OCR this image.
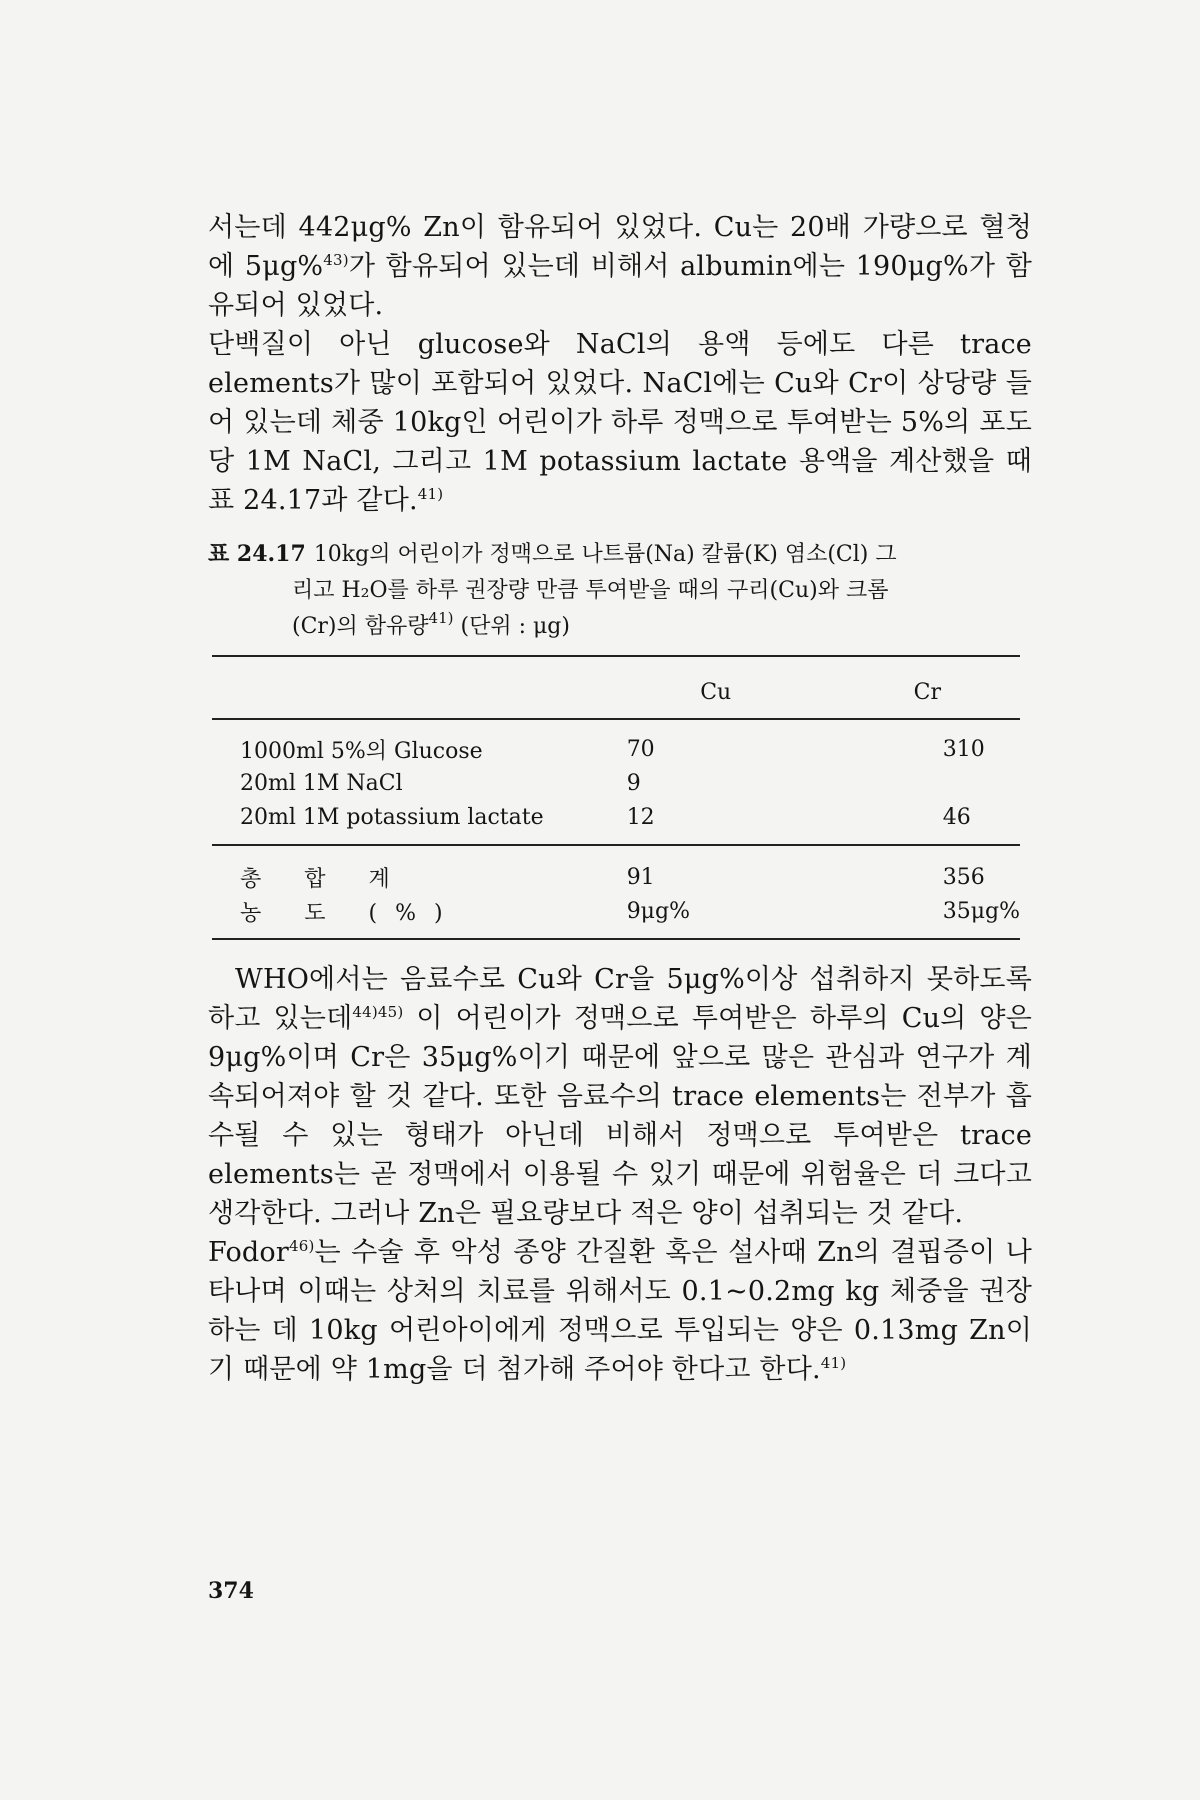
서는데 442μg% Zn이 함유되어 있었다. Cu는 20배 가량으로 혈청에 5μg%$^{43)}$가 함유되어 있는데 비해서 albumin에는 190μg%가 함유되어 있었다.

단백질이 아닌 glucose와 NaCl의 용액 등에도 다른 trace elements가 많이 포함되어 있었다. NaCl에는 Cu와 Cr이 상당량 들어 있는데 체중 10kg인 어린이가 하루 정맥으로 투여받는 5%의 포도당 1M NaCl, 그리고 1M potassium lactate 용액을 계산했을 때 표 24.17과 같다.$^{41)}$

표 24.17 10kg의 어린이가 정맥으로 나트륨(Na) 칼륨(K) 염소(Cl) 그
리고 H₂O를 하루 권장량 만큼 투여받을 때의 구리(Cu)와 크롬
(Cr)의 함유량$^{41)}$ (단위 : μg)
	Cu	Cr
1000ml 5%의 Glucose	70	310
20ml 1M NaCl	9	
20ml 1M potassium lactate	12	46
총 합 계	91	356
농 도 (%)	9μg%	35μg%

WHO에서는 음료수로 Cu와 Cr을 5μg%이상 섭취하지 못하도록 하고 있는데$^{44)45)}$ 이 어린이가 정맥으로 투여받은 하루의 Cu의 양은 9μg%이며 Cr은 35μg%이기 때문에 앞으로 많은 관심과 연구가 계속되어져야 할 것 같다. 또한 음료수의 trace elements는 전부가 흡수될 수 있는 형태가 아닌데 비해서 정맥으로 투여받은 trace elements는 곧 정맥에서 이용될 수 있기 때문에 위험율은 더 크다고 생각한다. 그러나 Zn은 필요량보다 적은 양이 섭취되는 것 같다.

Fodor$^{46)}$는 수술 후 악성 종양 간질환 혹은 설사때 Zn의 결핍증이 나타나며 이때는 상처의 치료를 위해서도 0.1~0.2mg kg 체중을 권장하는 데 10kg 어린아이에게 정맥으로 투입되는 양은 0.13mg Zn이기 때문에 약 1mg을 더 첨가해 주어야 한다고 한다.$^{41)}$

374
